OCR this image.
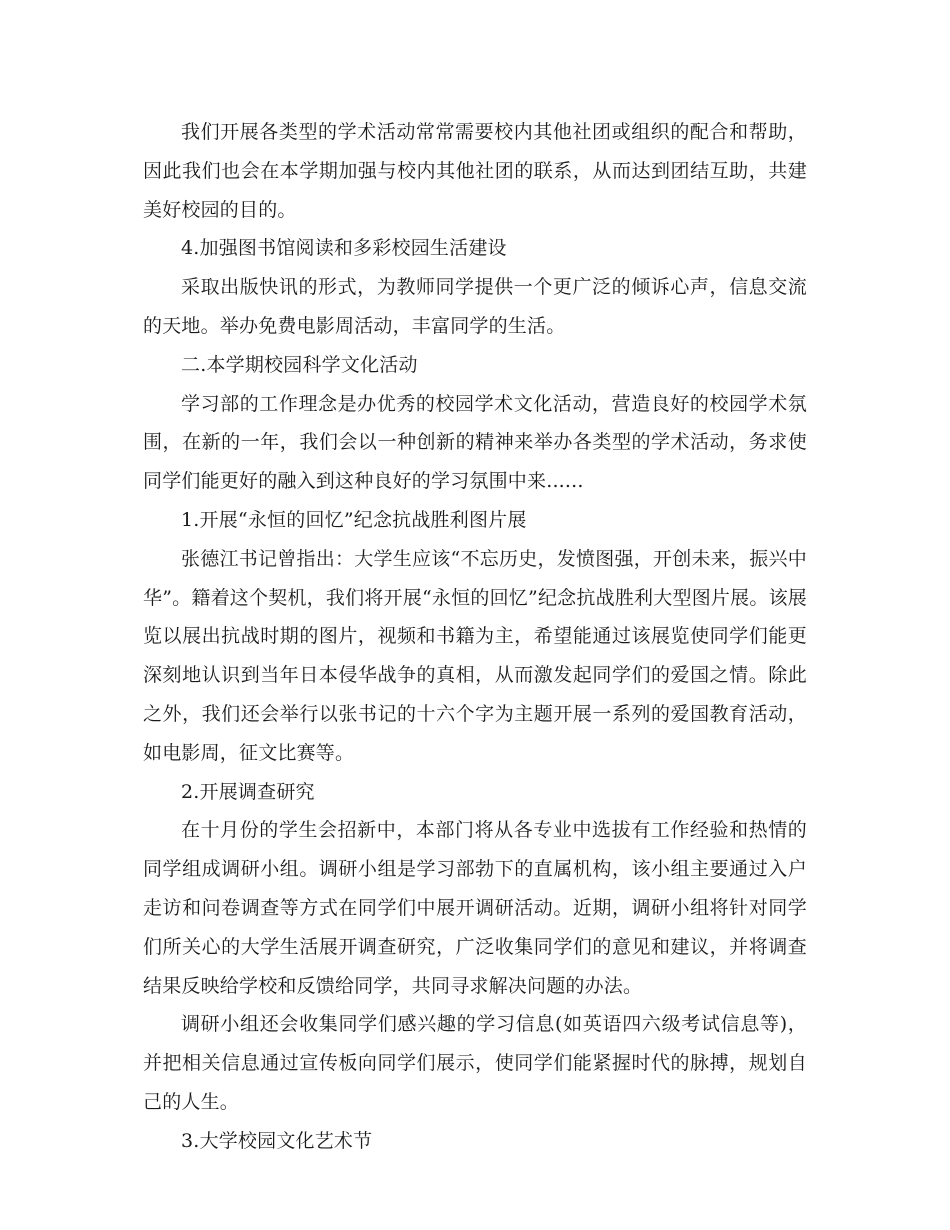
我们开展各类型的学术活动常常需要校内其他社团或组织的配合和帮助，因此我们也会在本学期加强与校内其他社团的联系，从而达到团结互助，共建美好校园的目的。

4.加强图书馆阅读和多彩校园生活建设

采取出版快讯的形式，为教师同学提供一个更广泛的倾诉心声，信息交流的天地。举办免费电影周活动，丰富同学的生活。

二.本学期校园科学文化活动

学习部的工作理念是办优秀的校园学术文化活动，营造良好的校园学术氛围，在新的一年，我们会以一种创新的精神来举办各类型的学术活动，务求使同学们能更好的融入到这种良好的学习氛围中来......

1.开展“永恒的回忆”纪念抗战胜利图片展

张德江书记曾指出：大学生应该“不忘历史，发愤图强，开创未来，振兴中华”。籍着这个契机，我们将开展“永恒的回忆”纪念抗战胜利大型图片展。该展览以展出抗战时期的图片，视频和书籍为主，希望能通过该展览使同学们能更深刻地认识到当年日本侵华战争的真相，从而激发起同学们的爱国之情。除此之外，我们还会举行以张书记的十六个字为主题开展一系列的爱国教育活动，如电影周，征文比赛等。

2.开展调查研究

在十月份的学生会招新中，本部门将从各专业中选拔有工作经验和热情的同学组成调研小组。调研小组是学习部勃下的直属机构，该小组主要通过入户走访和问卷调查等方式在同学们中展开调研活动。近期，调研小组将针对同学们所关心的大学生活展开调查研究，广泛收集同学们的意见和建议，并将调查结果反映给学校和反馈给同学，共同寻求解决问题的办法。

调研小组还会收集同学们感兴趣的学习信息(如英语四六级考试信息等)，并把相关信息通过宣传板向同学们展示，使同学们能紧握时代的脉搏，规划自己的人生。

3.大学校园文化艺术节
